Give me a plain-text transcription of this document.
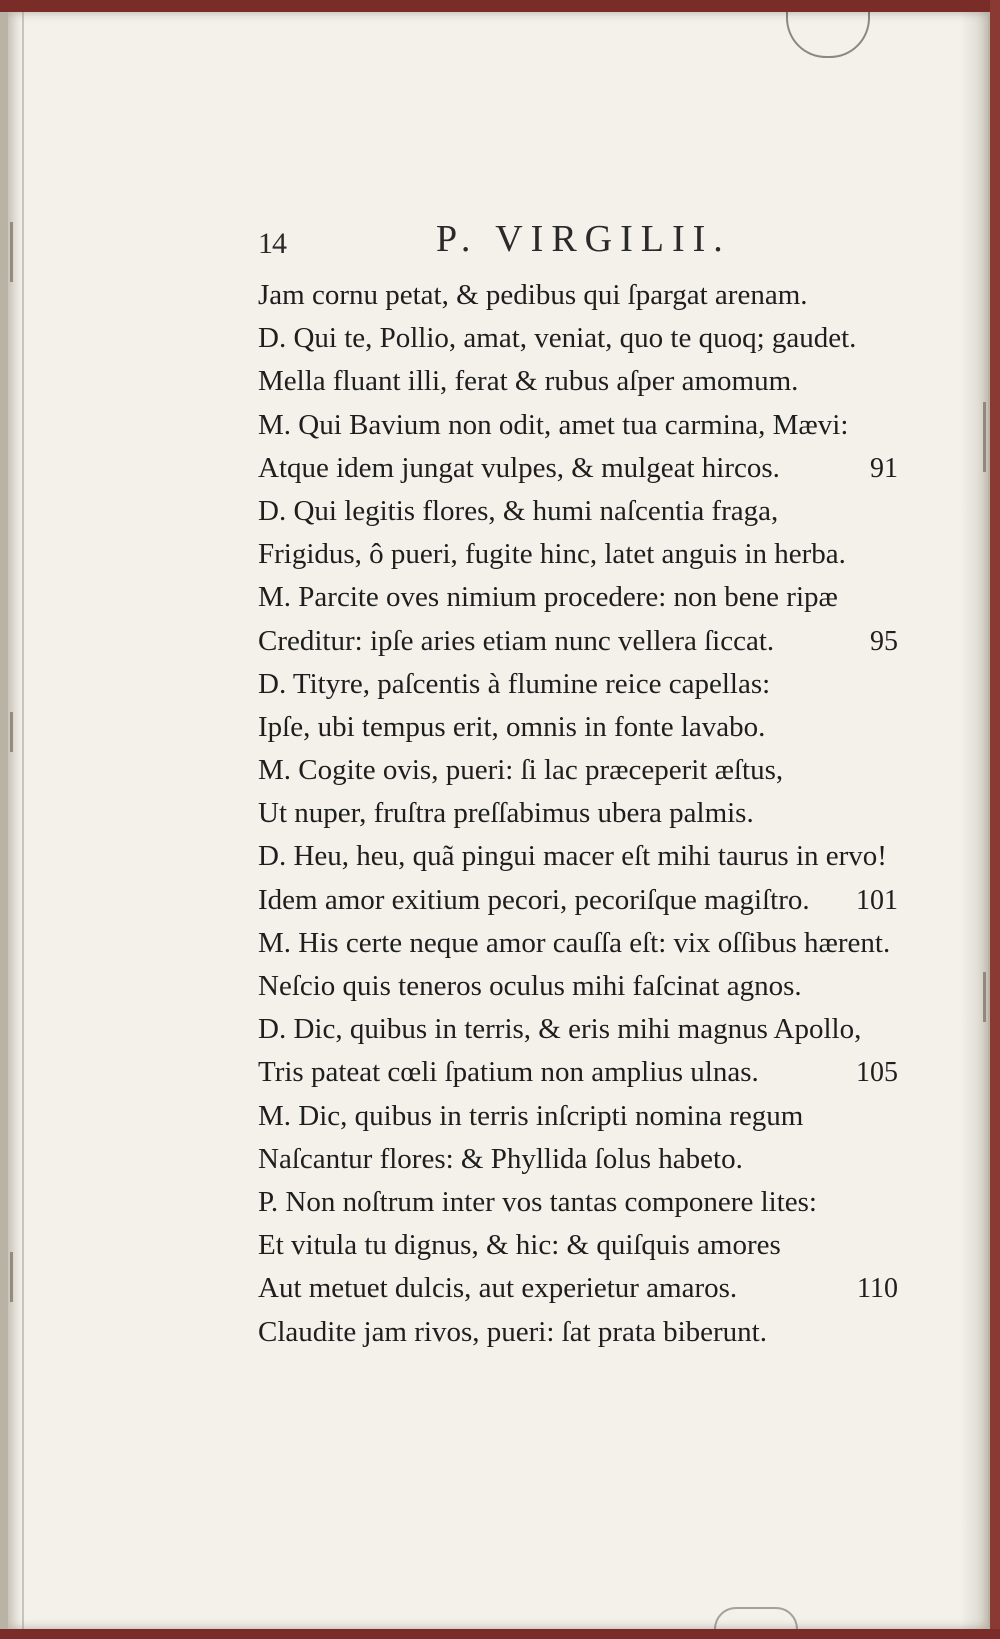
14	P. VIRGILII.
Jam cornu petat, & pedibus qui ſpargat arenam.
D. Qui te, Pollio, amat, veniat, quo te quoq; gaudet.
Mella fluant illi, ferat & rubus aſper amomum.
M. Qui Bavium non odit, amet tua carmina, Mævi:
Atque idem jungat vulpes, & mulgeat hircos.	91
D. Qui legitis flores, & humi naſcentia fraga,
Frigidus, ô pueri, fugite hinc, latet anguis in herba.
M. Parcite oves nimium procedere: non bene ripæ
Creditur: ipſe aries etiam nunc vellera ſiccat.	95
D. Tityre, paſcentis à flumine reice capellas:
Ipſe, ubi tempus erit, omnis in fonte lavabo.
M. Cogite ovis, pueri: ſi lac præceperit æſtus,
Ut nuper, fruſtra preſſabimus ubera palmis.
D. Heu, heu, quã pingui macer eſt mihi taurus in ervo!
Idem amor exitium pecori, pecoriſque magiſtro. 101
M. His certe neque amor cauſſa eſt: vix oſſibus hærent.
Neſcio quis teneros oculus mihi faſcinat agnos.
D. Dic, quibus in terris, & eris mihi magnus Apollo,
Tris pateat cœli ſpatium non amplius ulnas.	105
M. Dic, quibus in terris inſcripti nomina regum
Naſcantur flores: & Phyllida ſolus habeto.
P. Non noſtrum inter vos tantas componere lites:
Et vitula tu dignus, & hic: & quiſquis amores
Aut metuet dulcis, aut experietur amaros.	110
Claudite jam rivos, pueri: ſat prata biberunt.
